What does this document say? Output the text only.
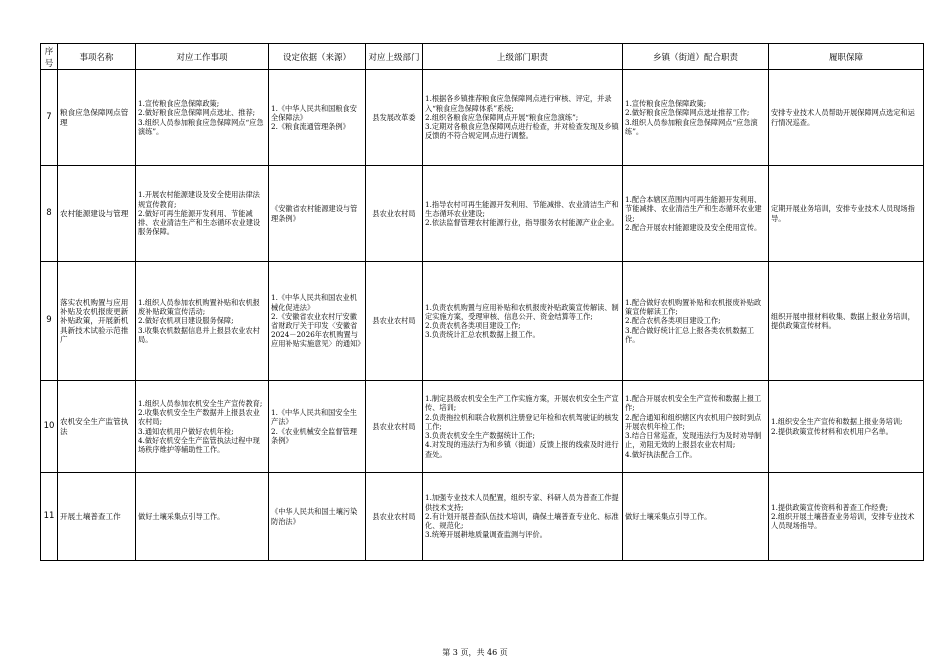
序号	事项名称	对应工作事项	设定依据（来源）	对应上级部门	上级部门职责	乡镇（街道）配合职责	履职保障
7	粮食应急保障网点管理	1.宣传粮食应急保障政策;
2.做好粮食应急保障网点选址、推荐;
3.组织人员参加粮食应急保障网点“应急演练”。	1.《中华人民共和国粮食安全保障法》
2.《粮食流通管理条例》	县发展改革委	1.根据各乡镇推荐粮食应急保障网点进行审核、评定，并录入“粮食应急保障体系”系统;
2.组织各粮食应急保障网点开展“粮食应急演练”;
3.定期对各粮食应急保障网点进行检查，并对检查发现及乡镇反馈的不符合规定网点进行调整。	1.宣传粮食应急保障政策;
2.做好粮食应急保障网点选址推荐工作;
3.组织人员参加粮食应急保障网点“应急演练”。	安排专业技术人员帮助开展保障网点选定和运行情况巡查。

8	农村能源建设与管理	1.开展农村能源建设及安全使用法律法规宣传教育;
2.做好可再生能源开发利用、节能减排、农业清洁生产和生态循环农业建设服务保障。	《安徽省农村能源建设与管理条例》	县农业农村局	1.指导农村可再生能源开发利用、节能减排、农业清洁生产和生态循环农业建设;
2.依法监督管理农村能源行业，指导服务农村能源产业企业。	1.配合本辖区范围内可再生能源开发利用、节能减排、农业清洁生产和生态循环农业建设;
2.配合开展农村能源建设及安全使用宣传。	定期开展业务培训，安排专业技术人员现场指导。

9	落实农机购置与应用补贴及农机报废更新补贴政策，开展新机具新技术试验示范推广	1.组织人员参加农机购置补贴和农机报废补贴政策宣传活动;
2.做好农机项目建设服务保障;
3.收集农机数据信息并上报县农业农村局。	1.《中华人民共和国农业机械化促进法》
2.《安徽省农业农村厅安徽省财政厅关于印发〈安徽省2024－2026年农机购置与应用补贴实施意见〉的通知》	县农业农村局	1.负责农机购置与应用补贴和农机报废补贴政策宣传解读、制定实施方案，受理审核、信息公开、资金结算等工作;
2.负责农机各类项目建设工作;
3.负责统计汇总农机数据上报工作。	1.配合做好农机购置补贴和农机报废补贴政策宣传解读工作;
2.配合农机各类项目建设工作;
3.配合做好统计汇总上报各类农机数据工作。	组织开展申报材料收集、数据上报业务培训，提供政策宣传材料。

10	农机安全生产监管执法	1.组织人员参加农机安全生产宣传教育;
2.收集农机安全生产数据并上报县农业农村局;
3.通知农机用户做好农机年检;
4.做好农机安全生产监管执法过程中现场秩序维护等辅助性工作。	1.《中华人民共和国安全生产法》
2.《农业机械安全监督管理条例》	县农业农村局	1.制定县级农机安全生产工作实施方案，开展农机安全生产宣传、培训;
2.负责拖拉机和联合收割机注册登记年检和农机驾驶证的核发工作;
3.负责农机安全生产数据统计工作;
4.对发现的违法行为和乡镇（街道）反馈上报的线索及时进行查处。	1.配合开展农机安全生产宣传和数据上报工作;
2.配合通知和组织辖区内农机用户按时到点开展农机年检工作;
3.结合日常巡查，发现违法行为及时劝导制止，劝阻无效的上报县农业农村局;
4.做好执法配合工作。	1.组织安全生产宣传和数据上报业务培训;
2.提供政策宣传材料和农机用户名单。

11	开展土壤普查工作	做好土壤采集点引导工作。	《中华人民共和国土壤污染防治法》	县农业农村局	1.加强专业技术人员配置，组织专家、科研人员为普查工作提供技术支持;
2.有计划开展普查队伍技术培训，确保土壤普查专业化、标准化、规范化;
3.统筹开展耕地质量调查监测与评价。	做好土壤采集点引导工作。	1.提供政策宣传资料和普查工作经费;
2.组织开展土壤普查业务培训，安排专业技术人员现场指导。
第 3 页，共 46 页
